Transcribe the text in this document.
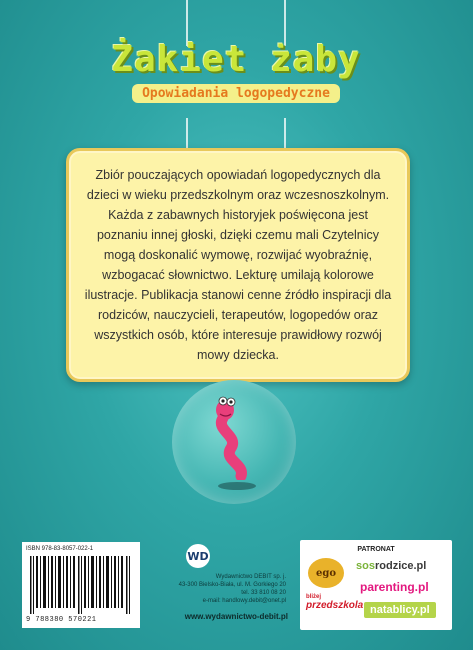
Żakiet żaby
Opowiadania logopedyczne

Zbiór pouczających opowiadań logopedycznych dla dzieci w wieku przedszkolnym oraz wczesnoszkolnym. Każda z zabawnych historyjek poświęcona jest poznaniu innej głoski, dzięki czemu mali Czytelnicy mogą doskonalić wymowę, rozwijać wyobraźnię, wzbogacać słownictwo. Lekturę umilają kolorowe ilustracje. Publikacja stanowi cenne źródło inspiracji dla rodziców, nauczycieli, terapeutów, logopedów oraz wszystkich osób, które interesuje prawidłowy rozwój mowy dziecka.

ISBN 978-83-8057-022-1
9 788380 570221
WD
Wydawnictwo DEBIT sp. j.
43-300 Bielsko-Biała, ul. M. Gorkiego 20
tel. 33 810 08 20
e-mail: handlowy.debit@onet.pl
www.wydawnictwo-debit.pl
PATRONAT
ego
sosrodzice.pl
parenting.pl
bliżej
przedszkola natablicy.pl
